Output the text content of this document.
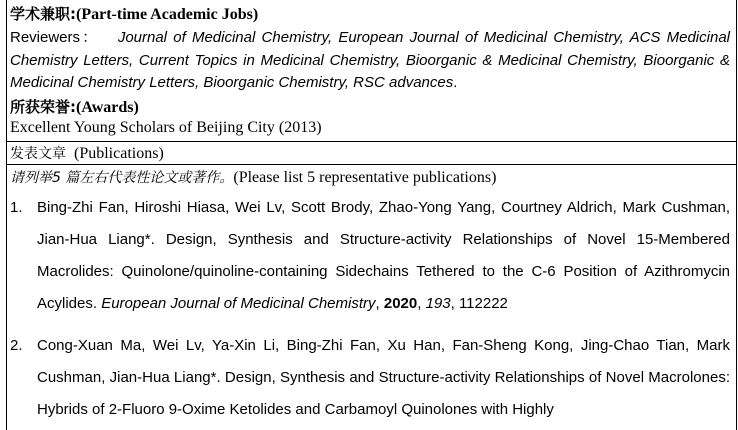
学术兼职:(Part-time Academic Jobs)
Reviewers： Journal of Medicinal Chemistry, European Journal of Medicinal Chemistry, ACS Medicinal Chemistry Letters, Current Topics in Medicinal Chemistry, Bioorganic & Medicinal Chemistry, Bioorganic & Medicinal Chemistry Letters, Bioorganic Chemistry, RSC advances.
所获荣誉:(Awards)
Excellent Young Scholars of Beijing City (2013)
发表文章  (Publications)
请列举5 篇左右代表性论文或著作。(Please list 5 representative publications)
1. Bing-Zhi Fan, Hiroshi Hiasa, Wei Lv, Scott Brody, Zhao-Yong Yang, Courtney Aldrich, Mark Cushman, Jian-Hua Liang*. Design, Synthesis and Structure-activity Relationships of Novel 15-Membered Macrolides: Quinolone/quinoline-containing Sidechains Tethered to the C-6 Position of Azithromycin Acylides. European Journal of Medicinal Chemistry, 2020, 193, 112222
2. Cong-Xuan Ma, Wei Lv, Ya-Xin Li, Bing-Zhi Fan, Xu Han, Fan-Sheng Kong, Jing-Chao Tian, Mark Cushman, Jian-Hua Liang*. Design, Synthesis and Structure-activity Relationships of Novel Macrolones: Hybrids of 2-Fluoro 9-Oxime Ketolides and Carbamoyl Quinolones with Highly
